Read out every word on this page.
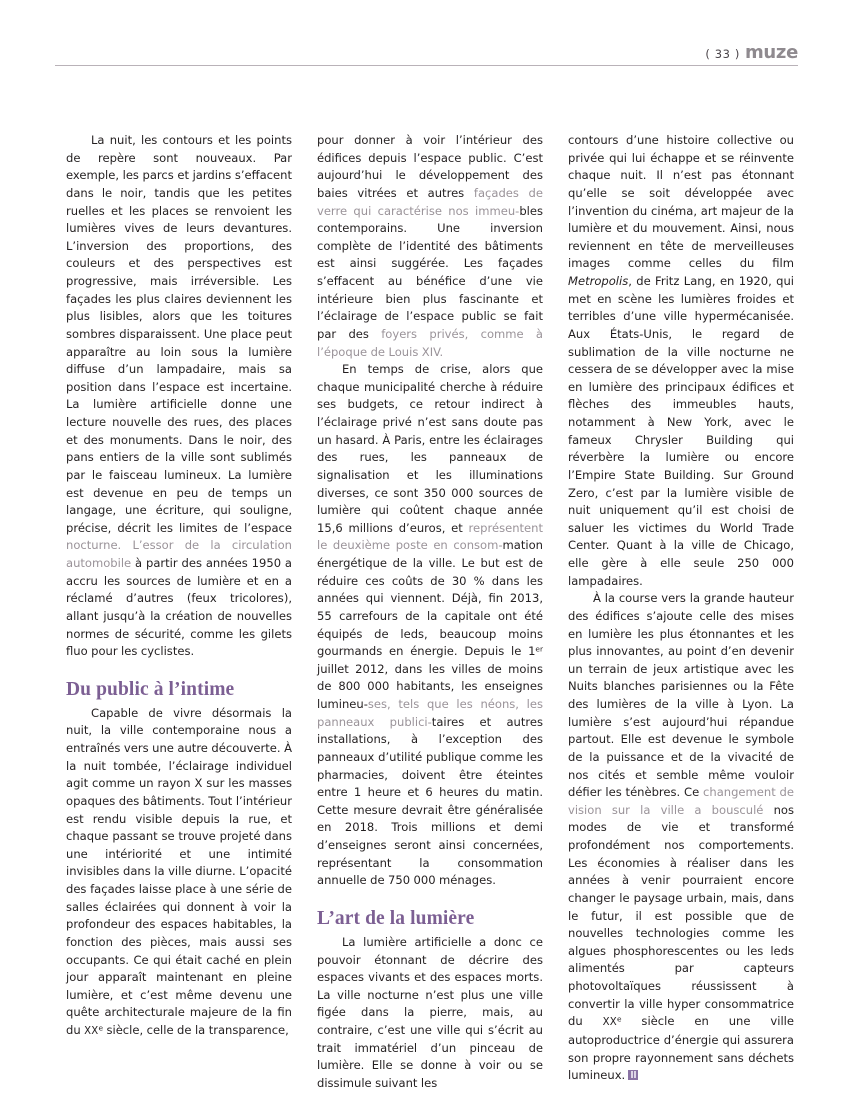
( 33 ) muze

La nuit, les contours et les points de repère sont nouveaux. Par exemple, les parcs et jardins s’effacent dans le noir, tandis que les petites ruelles et les places se renvoient les lumières vives de leurs devantures. L’inversion des proportions, des couleurs et des perspectives est progressive, mais irréversible. Les façades les plus claires deviennent les plus lisibles, alors que les toitures sombres disparaissent. Une place peut apparaître au loin sous la lumière diffuse d’un lampadaire, mais sa position dans l’espace est incertaine. La lumière artificielle donne une lecture nouvelle des rues, des places et des monuments. Dans le noir, des pans entiers de la ville sont sublimés par le faisceau lumineux. La lumière est devenue en peu de temps un langage, une écriture, qui souligne, précise, décrit les limites de l’espace nocturne. L’essor de la circulation automobile à partir des années 1950 a accru les sources de lumière et en a réclamé d’autres (feux tricolores), allant jusqu’à la création de nouvelles normes de sécurité, comme les gilets fluo pour les cyclistes.

Du public à l’intime

Capable de vivre désormais la nuit, la ville contemporaine nous a entraînés vers une autre découverte. À la nuit tombée, l’éclairage individuel agit comme un rayon X sur les masses opaques des bâtiments. Tout l’intérieur est rendu visible depuis la rue, et chaque passant se trouve projeté dans une intériorité et une intimité invisibles dans la ville diurne. L’opacité des façades laisse place à une série de salles éclairées qui donnent à voir la profondeur des espaces habitables, la fonction des pièces, mais aussi ses occupants. Ce qui était caché en plein jour apparaît maintenant en pleine lumière, et c’est même devenu une quête architecturale majeure de la fin du XXe siècle, celle de la transparence,

pour donner à voir l’intérieur des édifices depuis l’espace public. C’est aujourd’hui le développement des baies vitrées et autres façades de verre qui caractérise nos immeu-bles contemporains. Une inversion complète de l’identité des bâtiments est ainsi suggérée. Les façades s’effacent au bénéfice d’une vie intérieure bien plus fascinante et l’éclairage de l’espace public se fait par des foyers privés, comme à l’époque de Louis XIV.

En temps de crise, alors que chaque municipalité cherche à réduire ses budgets, ce retour indirect à l’éclairage privé n’est sans doute pas un hasard. À Paris, entre les éclairages des rues, les panneaux de signalisation et les illuminations diverses, ce sont 350 000 sources de lumière qui coûtent chaque année 15,6 millions d’euros, et représentent le deuxième poste en consom-mation énergétique de la ville. Le but est de réduire ces coûts de 30 % dans les années qui viennent. Déjà, fin 2013, 55 carrefours de la capitale ont été équipés de leds, beaucoup moins gourmands en énergie. Depuis le 1er juillet 2012, dans les villes de moins de 800 000 habitants, les enseignes lumineu-ses, tels que les néons, les panneaux publici-taires et autres installations, à l’exception des panneaux d’utilité publique comme les pharmacies, doivent être éteintes entre 1 heure et 6 heures du matin. Cette mesure devrait être généralisée en 2018. Trois millions et demi d’enseignes seront ainsi concernées, représentant la consommation annuelle de 750 000 ménages.

L’art de la lumière

La lumière artificielle a donc ce pouvoir étonnant de décrire des espaces vivants et des espaces morts. La ville nocturne n’est plus une ville figée dans la pierre, mais, au contraire, c’est une ville qui s’écrit au trait immatériel d’un pinceau de lumière. Elle se donne à voir ou se dissimule suivant les

contours d’une histoire collective ou privée qui lui échappe et se réinvente chaque nuit. Il n’est pas étonnant qu’elle se soit développée avec l’invention du cinéma, art majeur de la lumière et du mouvement. Ainsi, nous reviennent en tête de merveilleuses images comme celles du film Metropolis, de Fritz Lang, en 1920, qui met en scène les lumières froides et terribles d’une ville hypermécanisée. Aux États-Unis, le regard de sublimation de la ville nocturne ne cessera de se développer avec la mise en lumière des principaux édifices et flèches des immeubles hauts, notamment à New York, avec le fameux Chrysler Building qui réverbère la lumière ou encore l’Empire State Building. Sur Ground Zero, c’est par la lumière visible de nuit uniquement qu’il est choisi de saluer les victimes du World Trade Center. Quant à la ville de Chicago, elle gère à elle seule 250 000 lampadaires.

À la course vers la grande hauteur des édifices s’ajoute celle des mises en lumière les plus étonnantes et les plus innovantes, au point d’en devenir un terrain de jeux artistique avec les Nuits blanches parisiennes ou la Fête des lumières de la ville à Lyon. La lumière s’est aujourd’hui répandue partout. Elle est devenue le symbole de la puissance et de la vivacité de nos cités et semble même vouloir défier les ténèbres. Ce changement de vision sur la ville a bousculé nos modes de vie et transformé profondément nos comportements. Les économies à réaliser dans les années à venir pourraient encore changer le paysage urbain, mais, dans le futur, il est possible que de nouvelles technologies comme les algues phosphorescentes ou les leds alimentés par capteurs photovoltaïques réussissent à convertir la ville hyper consommatrice du XXe siècle en une ville autoproductrice d’énergie qui assurera son propre rayonnement sans déchets lumineux.
